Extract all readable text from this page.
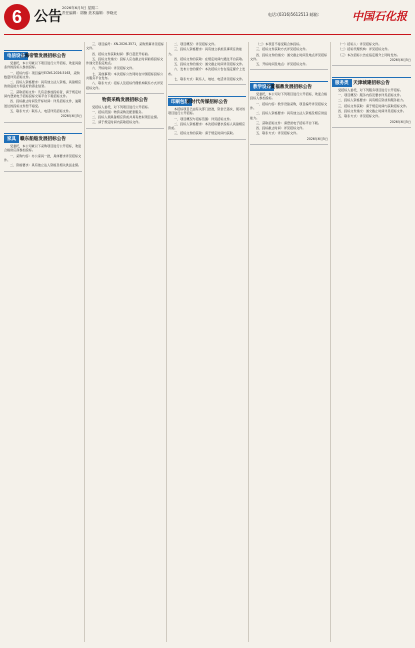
6 公告
2026年6月5日 星期二
责任编辑：胡楠 美术编辑：李晓光	电话:(0316)5612513 邮箱:	中国石化报
电信设备
上海帝管发展招标公告

受委托，本公司就以下项目进行公开招标，欢迎具备条件的投标人参加投标。

一、招标内容：项目编号ECNS-2026-5163，采购数量详见招标文件。

二、投标人资格要求：具有独立法人资格，具备相应的供货能力和良好的商业信誉。

三、获取招标文件：凡有意参加投标者，请于规定时间内登录电子招标投标交易平台下载招标文件。

四、投标截止时间及开标时间：详见招标文件，逾期送达的投标文件恕不接受。

五、联系方式：联系人、电话详见招标文件。

2026年6月5日
家具 赣东船舶发展招标公告

受委托，本公司就以下采购项目进行公开招标，欢迎合格供应商参加投标。

一、采购内容：办公家具一批，具体要求详见招标文件。

二、资格要求：具有独立法人资格及相关供货业绩。

三、项目编号：XN-2026-3571，采购预算详见招标文件。

四、招标文件获取时间：即日起至开标前。

五、投标文件递交：投标人应在截止时间前将投标文件递交至指定地点。

六、开标时间：详见招标文件。

七、其他事项：本次招标公告同时在中国招标投标公共服务平台发布。

八、联系方式：招标人及招标代理机构联系方式详见招标文件。

物资采购发展招标公告

受招标人委托，对下列项目进行公开招标。

一、招标范围：物资采购及配套服务。

二、投标人须具备相应资质并具有类似项目业绩。

三、请于规定时间内获取招标文件。

二、项目概况：详见招标文件。

三、投标人资格要求：具有独立承担民事责任的能力。

四、招标文件的获取：在规定时间内通过平台获取。

五、投标文件的递交：递交截止时间详见招标文件。

六、发布公告的媒介：本次招标公告在指定媒介上发布。

七、联系方式：联系人、地址、电话详见招标文件。

印刷包装
新时代传媒招标公告

本招标项目已由有关部门批准，资金已落实，现对该项目进行公开招标。

一、项目概况与招标范围：详见招标文件。

二、投标人资格要求：本次招标要求投标人具备相应资质。

三、招标文件的获取：请于规定时间内获取。

（二）本项目不接受联合体投标。

三、招标文件获取方式详见招标文件。

四、投标文件的递交：递交截止时间及地点详见招标文件。

五、开标时间及地点：详见招标文件。

教学设备
宁夏福鼎发展招标公告

受委托，本公司对下列项目进行公开招标，欢迎合格投标人参加投标。

一、招标内容：教学设备采购，项目编号详见招标文件。

二、投标人资格要求：具有独立法人资格及相应供货能力。

三、获取招标文件：请登录电子招标平台下载。

四、投标截止时间：详见招标文件。

五、联系方式：详见招标文件。

2026年6月5日

（一）招标人：详见招标文件。

（二）招标代理机构：详见招标文件。

（三）本次招标公告在指定媒介上同时发布。

2026年6月5日
服务类	天津城建招标公告

受招标人委托，对下列服务项目进行公开招标。

一、项目概况：服务内容及要求详见招标文件。

二、投标人资格要求：具有相应资质和服务能力。

三、招标文件获取：请于规定时间内获取招标文件。

四、投标文件递交：递交截止时间详见招标文件。

五、联系方式：详见招标文件。

2026年6月5日
